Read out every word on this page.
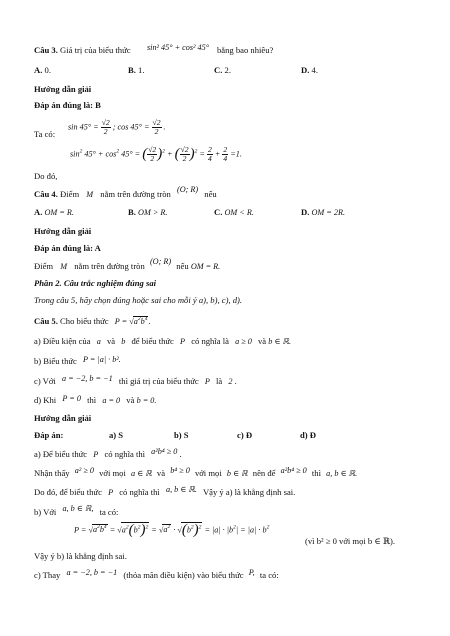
Câu 3. Giá trị của biểu thức sin² 45° + cos² 45° bằng bao nhiêu?
A. 0.	B. 1.	C. 2.	D. 4.
Hướng dẫn giải
Đáp án đúng là: B
Ta có:
$\sin 45^\circ = \frac{√2}{2}$ ; $\cos 45^\circ = \frac{√2}{2}$ .
Do đó,
$\sin^2 45^\circ + \cos^2 45^\circ$ = ( $\frac{√2}{2} )^2$ + ( $\frac{√2}{2} )^2 = \frac{2}{4} + \frac{2}{4} =1$.
Câu 4. Điểm M nằm trên đường tròn (O; R) nếu
A. OM = R.	B. OM > R.	C. OM < R.	D. OM = 2R.
Hướng dẫn giải
Đáp án đúng là: A
Điểm M nằm trên đường tròn (O; R) nếu OM = R.
Phần 2. Câu trắc nghiệm đúng sai
Trong câu 5, hãy chọn đúng hoặc sai cho mỗi ý a), b), c), d).
Câu 5. Cho biểu thức $P = √a^2b^4$.
a) Điều kiện của a và b để biểu thức P có nghĩa là a ≥ 0 và b ∈ ℝ.
b) Biểu thức P = |a| · b².
c) Với a = −2, b = −1 thì giá trị của biểu thức P là 2 .
d) Khi P = 0 thì a = 0 và b = 0.
Hướng dẫn giải
Đáp án:	a) S	b) S	c) Đ	d) Đ
a) Để biểu thức P có nghĩa thì a²b⁴ ≥ 0 .
Nhận thấy a² ≥ 0 với mọi a ∈ ℝ và b⁴ ≥ 0 với mọi b ∈ ℝ nên để a²b⁴ ≥ 0 thì a, b ∈ ℝ.
Do đó, để biểu thức P có nghĩa thì a, b ∈ ℝ. Vậy ý a) là khẳng định sai.
b) Với a, b ∈ ℝ, ta có:
$P = √a^2b^4 = √a^2(b^2)^2 = √a^2 \cdot √(b^2)^2 = |a| \cdot |b^2| = |a| \cdot b^2$
(vì b² ≥ 0 với mọi b ∈ ℝ).
Vậy ý b) là khẳng định sai.
c) Thay a = −2, b = −1 (thỏa mãn điều kiện) vào biểu thức P, ta có:
